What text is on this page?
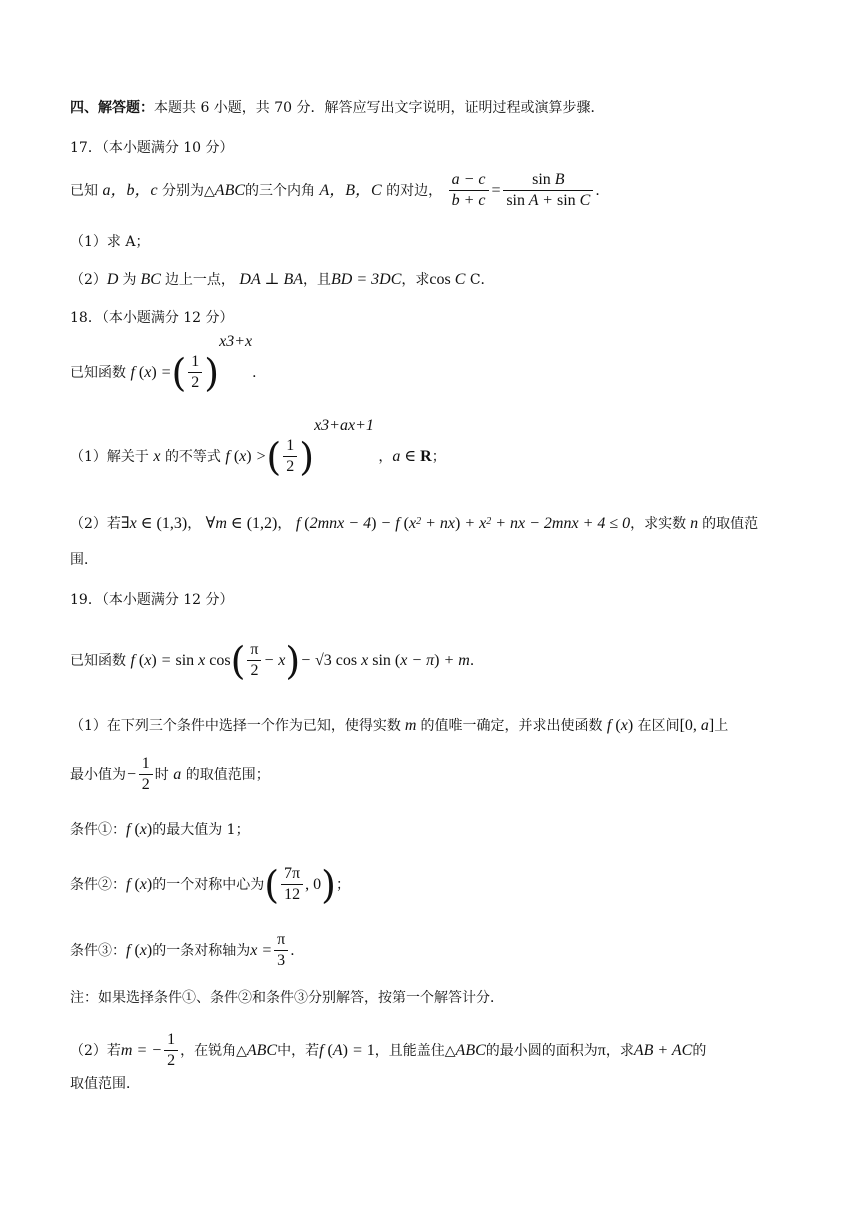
四、解答题：本题共 6 小题，共 70 分．解答应写出文字说明，证明过程或演算步骤．
17．（本小题满分 10 分）
已知 a，b，c 分别为△ABC的三个内角 A，B，C 的对边， $\frac{a - c}{b + c} = \frac{\text{sin B}}{\text{sin A + sin C}}$ ．
（1）求 A；
（2）D 为 BC 边上一点， DA ⊥ BA，且BD = 3DC，求cos C C．
18．（本小题满分 12 分）
已知函数 f (x) =( $\frac{1}{2} )^{x3+x}$．
（1）解关于 x 的不等式 f (x) >( $\frac{1}{2} )^{x3+ax+1}$ ，a ∈ R；
（2）若∃x ∈ (1,3)， ∀m ∈ (1,2)， f (2mnx − 4) − f $(x^2 + nx) + x^2$ + nx − 2mnx + 4 ≤ 0，求实数 n 的取值范
围．
19．（本小题满分 12 分）
已知函数 f (x) = sin x $\cos( \frac{\pi}{2} - x)- √3$ cos x sin (x − π) + m．
（1）在下列三个条件中选择一个作为已知，使得实数 m 的值唯一确定，并求出使函数 f (x) 在区间[0, a]上
最小值为− $\frac{1}{2}$ 时 a 的取值范围；
条件①：f (x)的最大值为 1；
条件②：f (x)的一个对称中心为( $\frac{7\pi}{12}$ , 0)；
条件③：f (x)的一条对称轴为$x = \frac{\pi}{3}$ ．
注：如果选择条件①、条件②和条件③分别解答，按第一个解答计分．
（2）若m = − $\frac{1}{2}$ ，在锐角△ABC中，若f (A) = 1，且能盖住△ABC的最小圆的面积为π，求AB + AC的
取值范围．
